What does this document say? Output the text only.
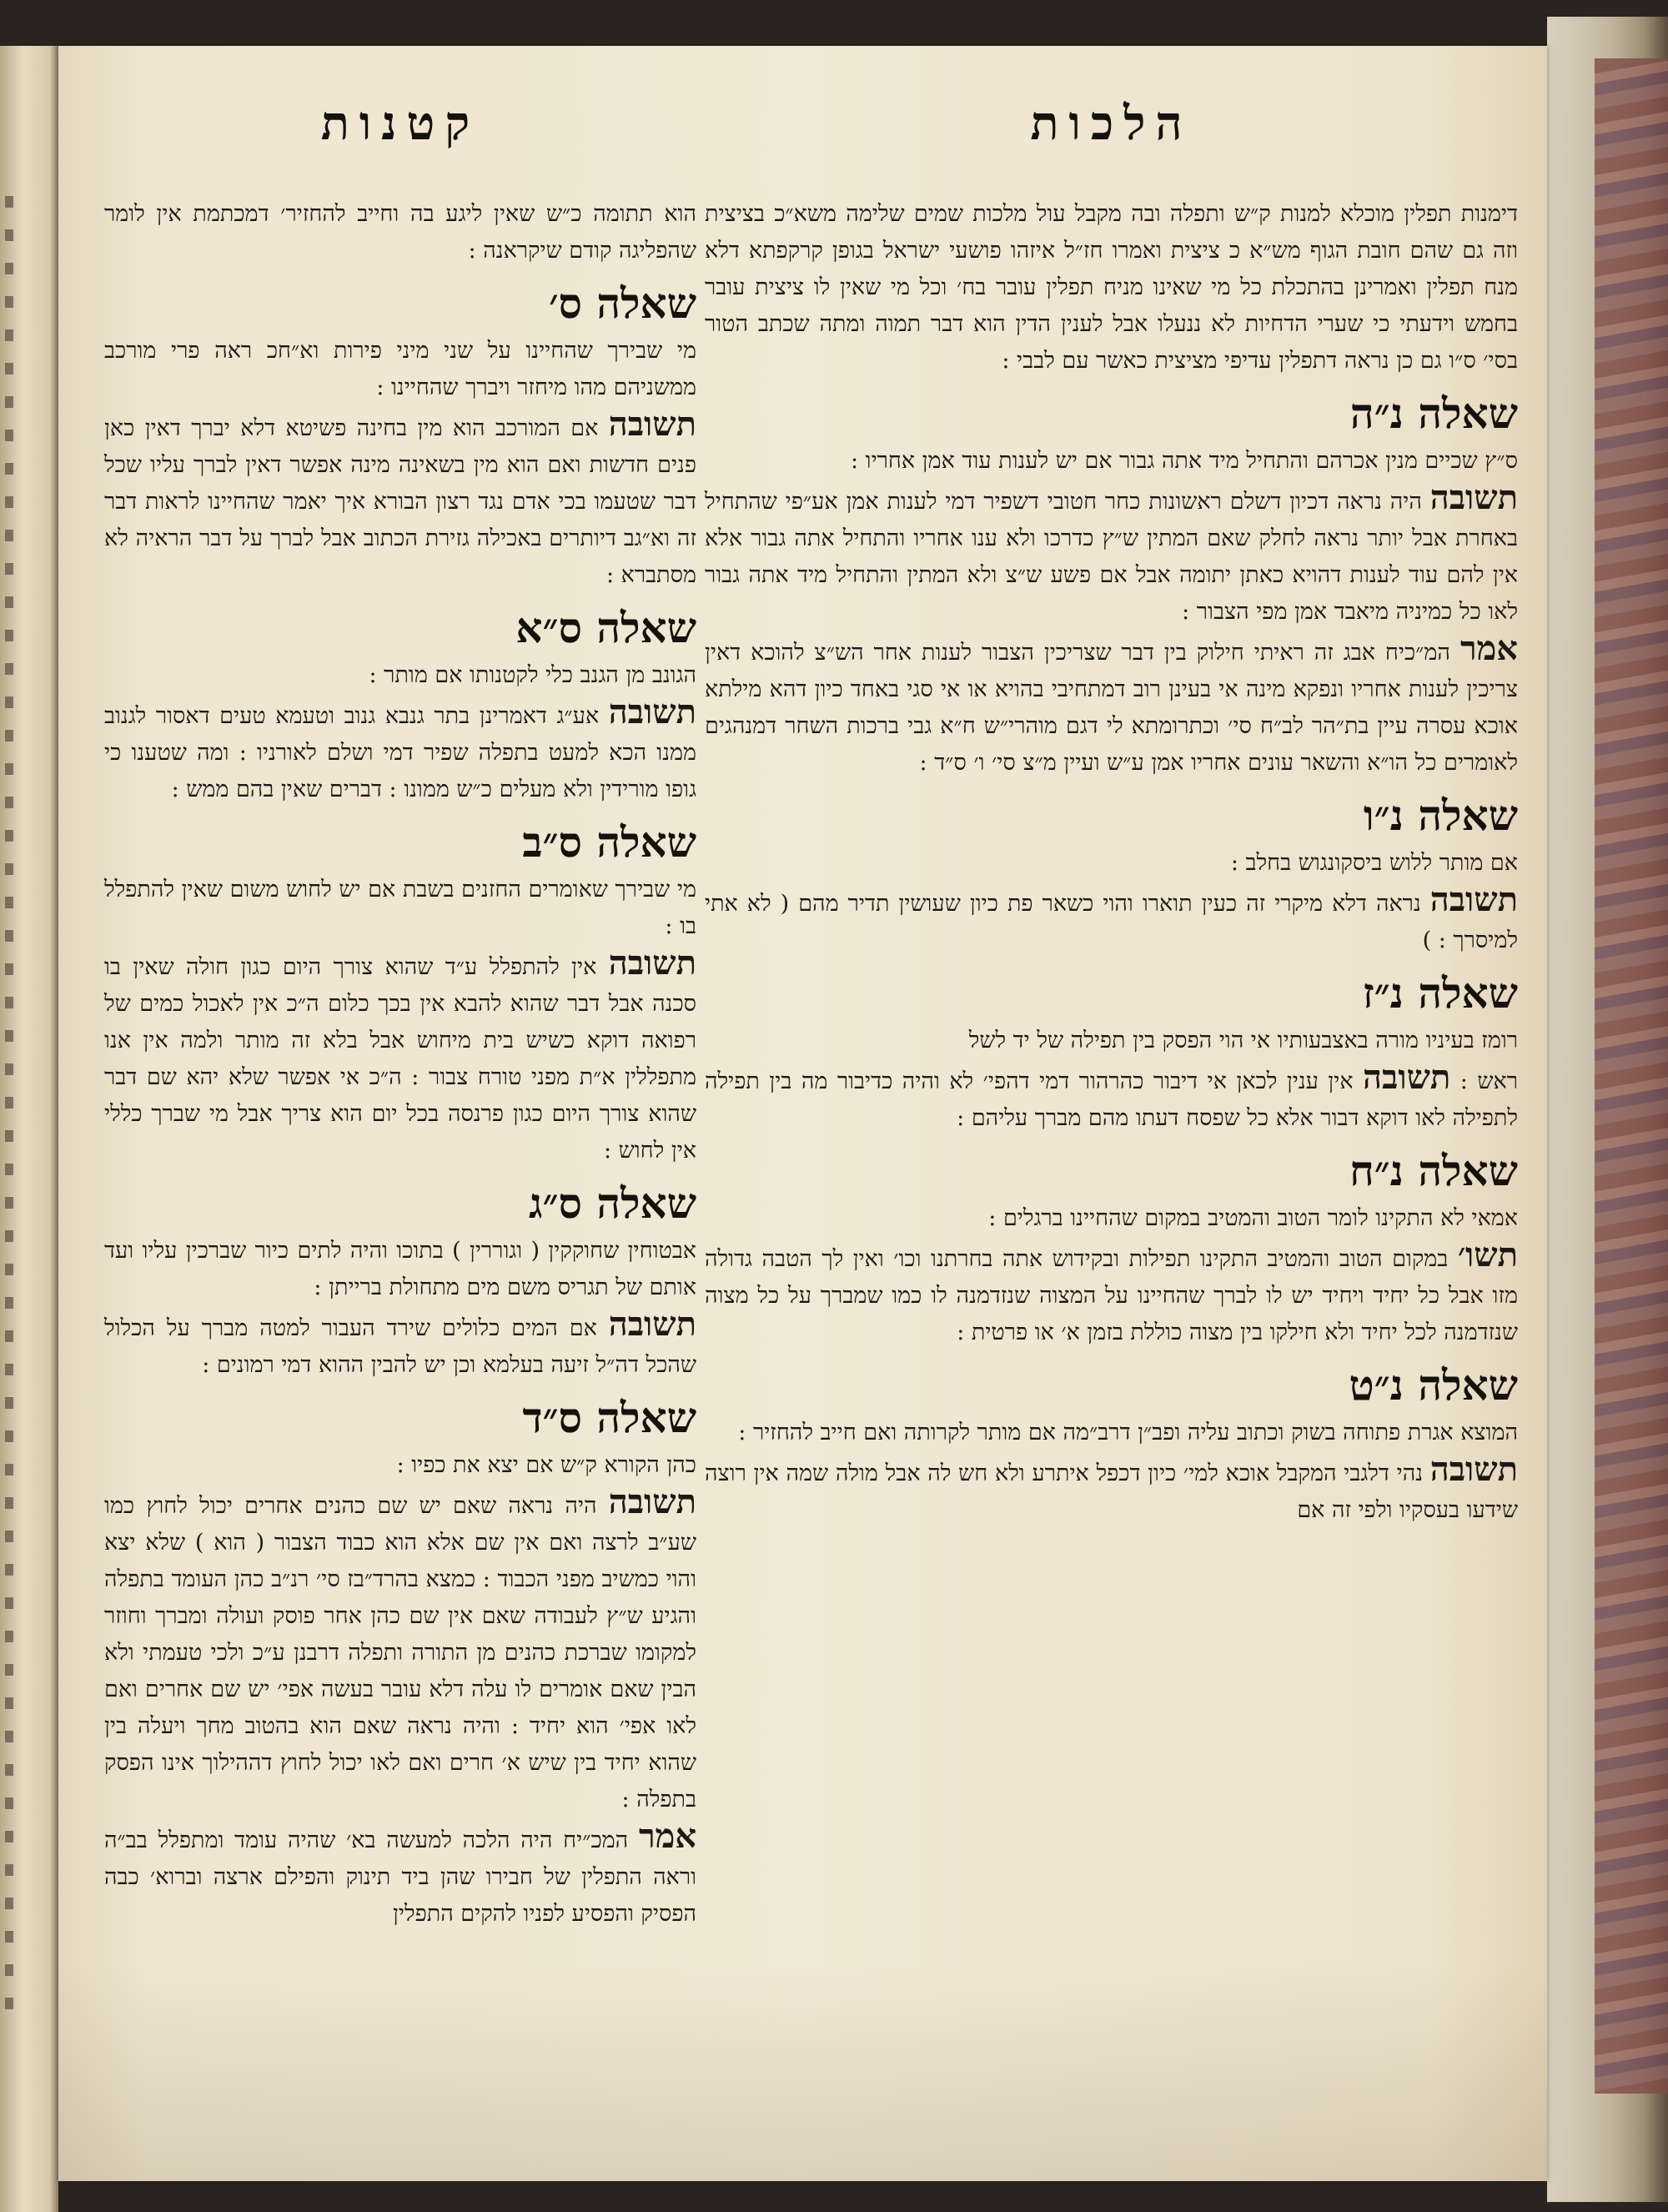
הלכות

דימנות תפלין מוכלא למנות ק״ש ותפלה ובה מקבל עול מלכות שמים שלימה משא״כ בציצית וזה גם שהם חובת הגוף מש״א כ ציצית ואמרו חז״ל איזהו פושעי ישראל בגופן קרקפתא דלא מנח תפלין ואמרינן בהתכלת כל מי שאינו מניח תפלין עובר בח׳ וכל מי שאין לו ציצית עובר בחמש וידעתי כי שערי הדחיות לא ננעלו אבל לענין הדין הוא דבר תמוה ומתה שכתב הטור בסי׳ ס״ו גם כן נראה דתפלין עדיפי מציצית כאשר עם לבבי :

שאלה נ״ה

ס״ץ שכיים מנין אכרהם והתחיל מיד אתה גבור אם יש לענות עוד אמן אחריו :

תשובה היה נראה דכיון דשלם ראשונות כחר חטובי דשפיר דמי לענות אמן אע״פי שהתחיל באחרת אבל יותר נראה לחלק שאם המתין ש״ץ כדרכו ולא ענו אחריו והתחיל אתה גבור אלא אין להם עוד לענות דהויא כאתן יתומה אבל אם פשע ש״צ ולא המתין והתחיל מיד אתה גבור לאו כל כמיניה מיאבד אמן מפי הצבור :

אמר המ״כיח אבג זה ראיתי חילוק בין דבר שצריכין הצבור לענות אחר הש״צ להוכא דאין צריכין לענות אחריו ונפקא מינה אי בעינן רוב דמתחיבי בהויא או אי סגי באחד כיון דהא מילתא אוכא עסרה עיין בת״הר לב״ח סי׳ וכתרומתא לי דגם מוהרי״ש ח״א גבי ברכות השחר דמנהגים לאומרים כל הו״א והשאר עונים אחריו אמן ע״ש ועיין מ״צ סי׳ ו׳ ס״ד :

שאלה נ״ו

אם מותר ללוש ביסקונגוש בחלב :

תשובה נראה דלא מיקרי זה כעין תוארו והוי כשאר פת כיון שעושין תדיר מהם ( לא אתי למיסרך : )

שאלה נ״ז

רומז בעיניו מורה באצבעותיו אי הוי הפסק בין תפילה של יד לשל

ראש : תשובה אין ענין לכאן אי דיבור כהרהור דמי דהפי׳ לא והיה כדיבור מה בין תפילה לתפילה לאו דוקא דבור אלא כל שפסח דעתו מהם מברך עליהם :

שאלה נ״ח

אמאי לא התקינו לומר הטוב והמטיב במקום שהחיינו ברגלים :

תשו׳ במקום הטוב והמטיב התקינו תפילות ובקידוש אתה בחרתנו וכו׳ ואין לך הטבה גדולה מזו אבל כל יחיד ויחיד יש לו לברך שהחיינו על המצוה שנזדמנה לו כמו שמברך על כל מצוה שנזדמנה לכל יחיד ולא חילקו בין מצוה כוללת בזמן א׳ או פרטית :

שאלה נ״ט

המוצא אגרת פתוחה בשוק וכתוב עליה ופב״ן דרב״מה אם מותר לקרותה ואם חייב להחזיר :

תשובה נהי דלגבי המקבל אוכא למי׳ כיון דכפל איתרע ולא חש לה אבל מולה שמה אין רוצה שידעו בעסקיו ולפי זה אם

קטנות

הוא תתומה כ״ש שאין ליגע בה וחייב להחזיר׳ דמכתמת אין לומר שהפליגה קודם שיקראנה :

שאלה ס׳

מי שבירך שהחיינו על שני מיני פירות וא״חכ ראה פרי מורכב ממשניהם מהו מיחזר ויברך שהחיינו :

תשובה אם המורכב הוא מין בחינה פשיטא דלא יברך דאין כאן פנים חדשות ואם הוא מין בשאינה מינה אפשר דאין לברך עליו שכל דבר שטעמו בכי אדם נגד רצון הבורא איך יאמר שהחיינו לראות דבר זה וא״גב דיותרים באכילה גזירת הכתוב אבל לברך על דבר הראיה לא מסתברא :

שאלה ס״א

הגונב מן הגנב כלי לקטנותו אם מותר :

תשובה אע״ג דאמרינן בתר גנבא גנוב וטעמא טעים דאסור לגנוב ממנו הכא למעט בתפלה שפיר דמי ושלם לאורניו : ומה שטענו כי גופו מורידין ולא מעלים כ״ש ממונו : דברים שאין בהם ממש :

שאלה ס״ב

מי שבירך שאומרים החזנים בשבת אם יש לחוש משום שאין להתפלל בו :

תשובה אין להתפלל ע״ד שהוא צורך היום כגון חולה שאין בו סכנה אבל דבר שהוא להבא אין בכך כלום ה״כ אין לאכול כמים של רפואה דוקא כשיש בית מיחוש אבל בלא זה מותר ולמה אין אנו מתפללין א״ת מפני טורח צבור : ה״כ אי אפשר שלא יהא שם דבר שהוא צורך היום כגון פרנסה בכל יום הוא צריך אבל מי שברך כללי אין לחוש :

שאלה ס״ג

אבטוחין שחוקקין ( וגוררין ) בתוכו והיה לתים כיור שברכין עליו ועד אותם של תגריס משם מים מתחולת ברייתן :

תשובה אם המים כלולים שירד העבור למטה מברך על הכלול שהכל דה״ל זיעה בעלמא וכן יש להבין ההוא דמי רמונים :

שאלה ס״ד

כהן הקורא ק״ש אם יצא את כפיו :

תשובה היה נראה שאם יש שם כהנים אחרים יכול לחוץ כמו שע״ב לרצה ואם אין שם אלא הוא כבוד הצבור ( הוא ) שלא יצא והוי כמשיב מפני הכבוד : כמצא בהרד״בז סי׳ רנ״ב כהן העומד בתפלה והגיע ש״ץ לעבודה שאם אין שם כהן אחר פוסק ועולה ומברך וחוזר למקומו שברכת כהנים מן התורה ותפלה דרבנן ע״כ ולכי טעמתי ולא הבין שאם אומרים לו עלה דלא עובר בעשה אפי׳ יש שם אחרים ואם לאו אפי׳ הוא יחיד : והיה נראה שאם הוא בהטוב מחך ויעלה בין שהוא יחיד בין שיש א׳ חרים ואם לאו יכול לחוץ דההילוך אינו הפסק בתפלה :

אמר המכ״יח היה הלכה למעשה בא׳ שהיה עומד ומתפלל בב״ה וראה התפלין של חבירו שהן ביד תינוק והפילם ארצה וברוא׳ כבה הפסיק והפסיע לפניו להקים התפלין
